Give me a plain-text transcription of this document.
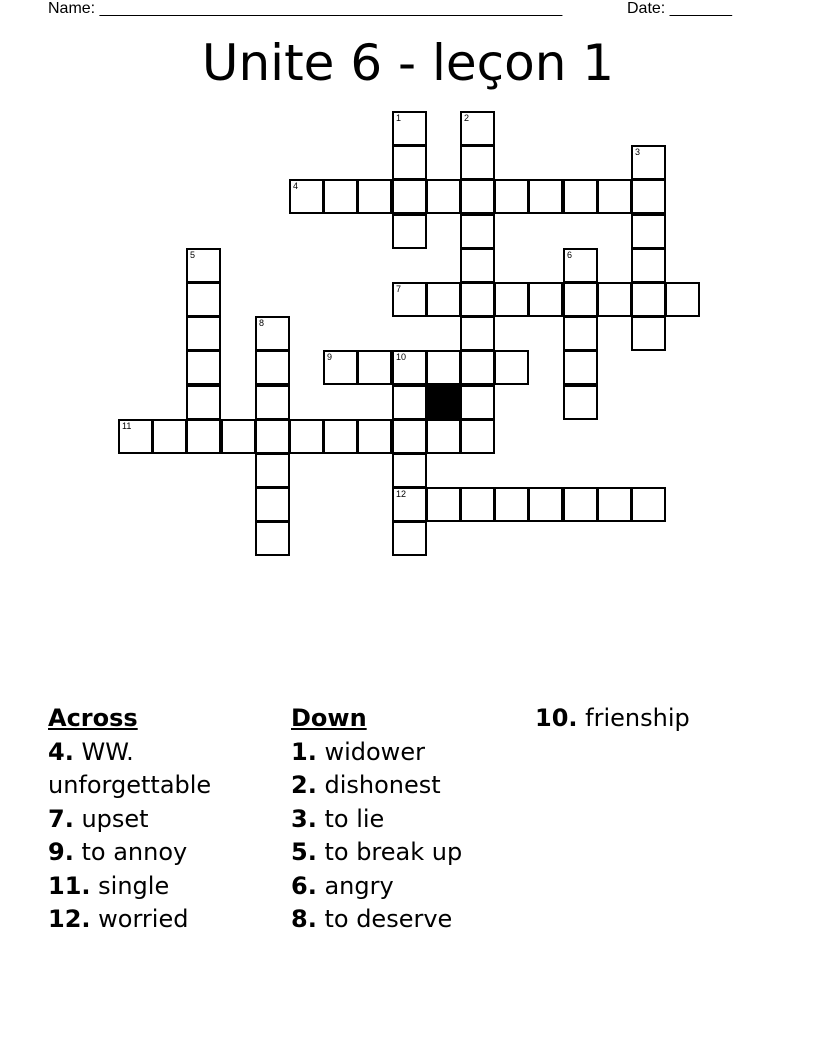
Name: ____________________________________________________	Date: _______
Unite 6 - leçon 1
1	2
3
4
5	6
7
8
9	10
11
12
Across
4. WW. unforgettable
7. upset
9. to annoy
11. single
12. worried
Down
1. widower
2. dishonest
3. to lie
5. to break up
6. angry
8. to deserve
10. frienship
